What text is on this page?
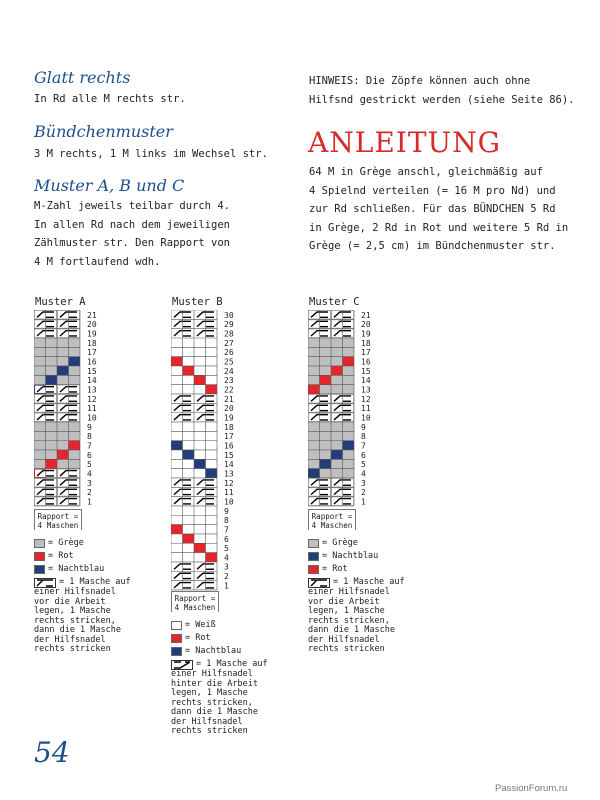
Glatt rechts
In Rd alle M rechts str.
Bündchenmuster
3 M rechts, 1 M links im Wechsel str.
Muster A, B und C
M-Zahl jeweils teilbar durch 4.
In allen Rd nach dem jeweiligen
Zählmuster str. Den Rapport von
4 M fortlaufend wdh.
HINWEIS: Die Zöpfe können auch ohne
Hilfsnd gestrickt werden (siehe Seite 86).
ANLEITUNG
64 M in Grège anschl, gleichmäßig auf
4 Spielnd verteilen (= 16 M pro Nd) und
zur Rd schließen. Für das BÜNDCHEN 5 Rd
in Grège, 2 Rd in Rot und weitere 5 Rd in
Grège (= 2,5 cm) im Bündchenmuster str.
Muster A
1
2
3
4
5
6
7
8
9
10
11
12
13
14
15
16
17
18
19
20
21
Rapport = 4 Maschen
Muster B
1
2
3
4
5
6
7
8
9
10
11
12
13
14
15
16
17
18
19
20
21
22
23
24
25
26
27
28
29
30
Rapport = 4 Maschen
Muster C
1
2
3
4
5
6
7
8
9
10
11
12
13
14
15
16
17
18
19
20
21
Rapport = 4 Maschen
= Grège
= Rot
= Nachtblau
= 1 Masche auf
einer Hilfsnadel
vor die Arbeit
legen, 1 Masche
rechts stricken,
dann die 1 Masche
der Hilfsnadel
rechts stricken
= Weiß
= Rot
= Nachtblau
= 1 Masche auf
einer Hilfsnadel
hinter die Arbeit
legen, 1 Masche
rechts stricken,
dann die 1 Masche
der Hilfsnadel
rechts stricken
= Grège
= Nachtblau
= Rot
= 1 Masche auf
einer Hilfsnadel
vor die Arbeit
legen, 1 Masche
rechts stricken,
dann die 1 Masche
der Hilfsnadel
rechts stricken
54
PassionForum.ru
